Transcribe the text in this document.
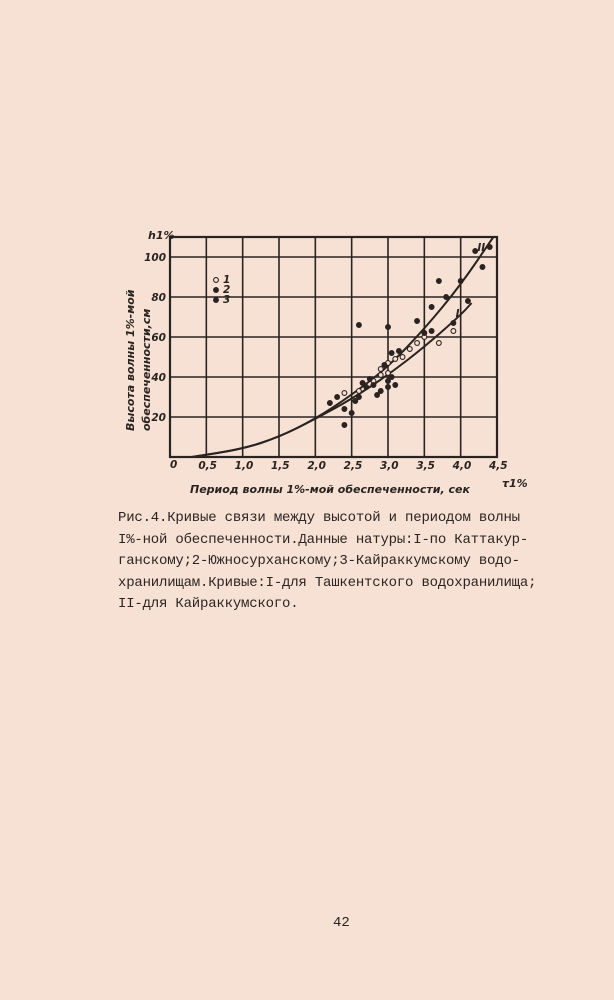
0,5 1,0 1,5 2,0 2,5 3,0 3,5 4,0 4,5
20
40
60
80
100
I
II
1
2
3
h1%
τ1%
0
Период волны 1%-мой обеспеченности, сек
Высота волны 1%-мой обеспеченности,см
Рис.4.Кривые связи между высотой и периодом волны
I%-ной обеспеченности.Данные натуры:I-по Каттакур-
ганскому;2-Южносурханскому;3-Кайраккумскому водо-
хранилищам.Кривые:I-для Ташкентского водохранилища;
II-для Кайраккумского.
42
